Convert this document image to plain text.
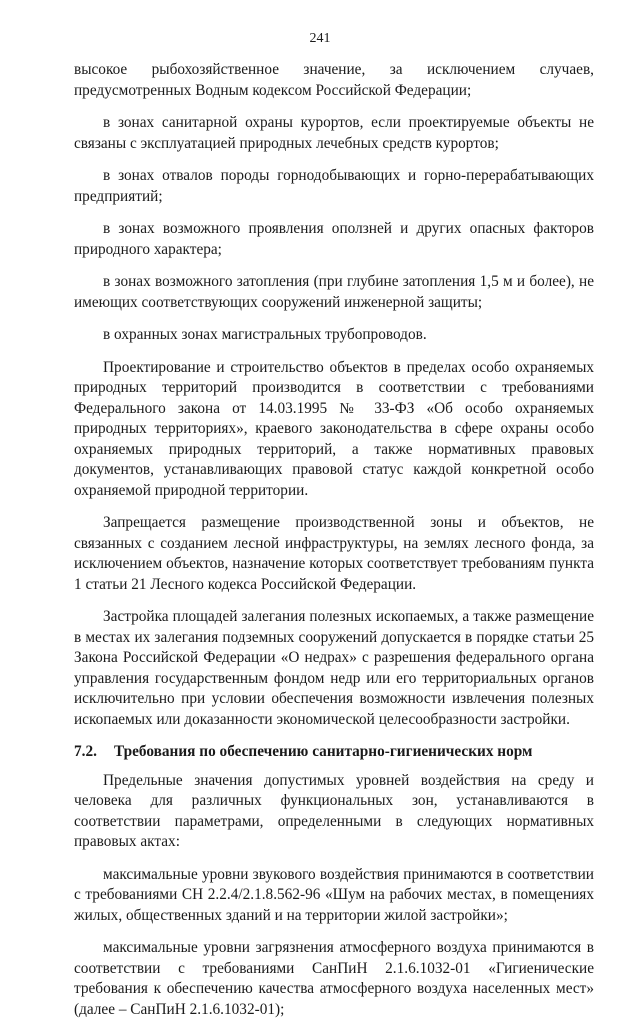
241

высокое рыбохозяйственное значение, за исключением случаев, предусмотренных Водным кодексом Российской Федерации;

в зонах санитарной охраны курортов, если проектируемые объекты не связаны с эксплуатацией природных лечебных средств курортов;

в зонах отвалов породы горнодобывающих и горно-перерабатывающих предприятий;

в зонах возможного проявления оползней и других опасных факторов природного характера;

в зонах возможного затопления (при глубине затопления 1,5 м и более), не имеющих соответствующих сооружений инженерной защиты;

в охранных зонах магистральных трубопроводов.

Проектирование и строительство объектов в пределах особо охраняемых природных территорий производится в соответствии с требованиями Федерального закона от 14.03.1995 № 33-ФЗ «Об особо охраняемых природных территориях», краевого законодательства в сфере охраны особо охраняемых природных территорий, а также нормативных правовых документов, устанавливающих правовой статус каждой конкретной особо охраняемой природной территории.

Запрещается размещение производственной зоны и объектов, не связанных с созданием лесной инфраструктуры, на землях лесного фонда, за исключением объектов, назначение которых соответствует требованиям пункта 1 статьи 21 Лесного кодекса Российской Федерации.

Застройка площадей залегания полезных ископаемых, а также размещение в местах их залегания подземных сооружений допускается в порядке статьи 25 Закона Российской Федерации «О недрах» с разрешения федерального органа управления государственным фондом недр или его территориальных органов исключительно при условии обеспечения возможности извлечения полезных ископаемых или доказанности экономической целесообразности застройки.

7.2.	Требования по обеспечению санитарно-гигиенических норм

Предельные значения допустимых уровней воздействия на среду и человека для различных функциональных зон, устанавливаются в соответствии параметрами, определенными в следующих нормативных правовых актах:

максимальные уровни звукового воздействия принимаются в соответствии с требованиями СН 2.2.4/2.1.8.562-96 «Шум на рабочих местах, в помещениях жилых, общественных зданий и на территории жилой застройки»;

максимальные уровни загрязнения атмосферного воздуха принимаются в соответствии с требованиями СанПиН 2.1.6.1032-01 «Гигиенические требования к обеспечению качества атмосферного воздуха населенных мест» (далее – СанПиН 2.1.6.1032-01);
